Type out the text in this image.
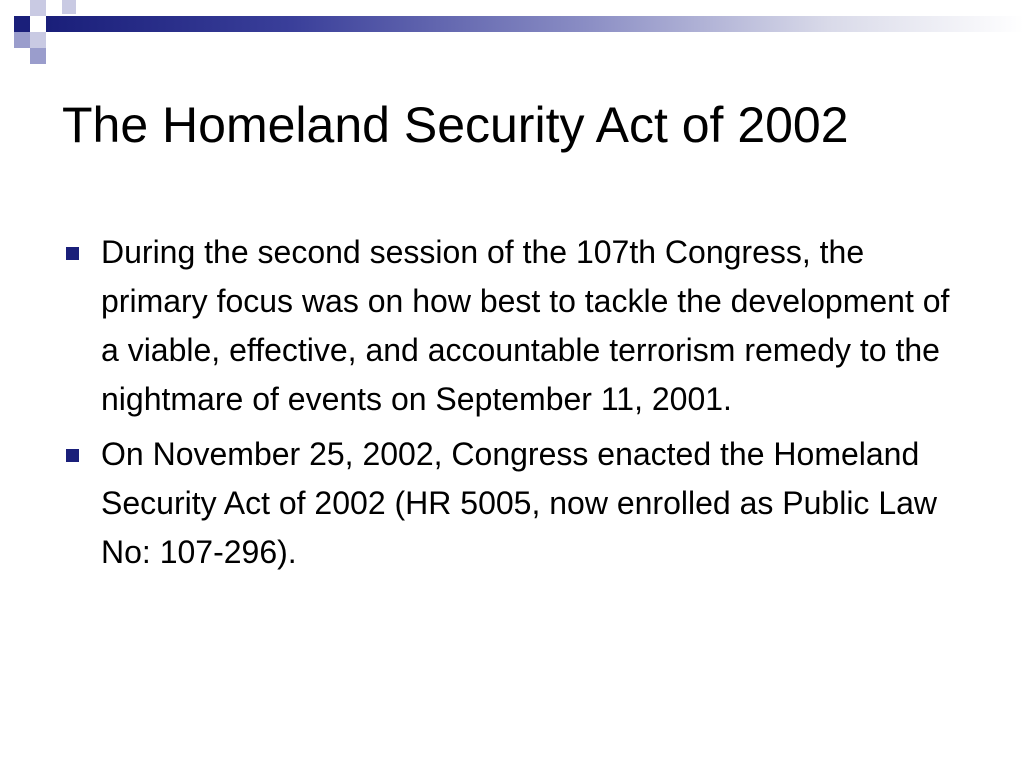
The Homeland Security Act of 2002
During the second session of the 107th Congress, the primary focus was on how best to tackle the development of a viable, effective, and accountable terrorism remedy to the nightmare of events on September 11, 2001.
On November 25, 2002, Congress enacted the Homeland Security Act of 2002 (HR 5005, now enrolled as Public Law No: 107-296).
